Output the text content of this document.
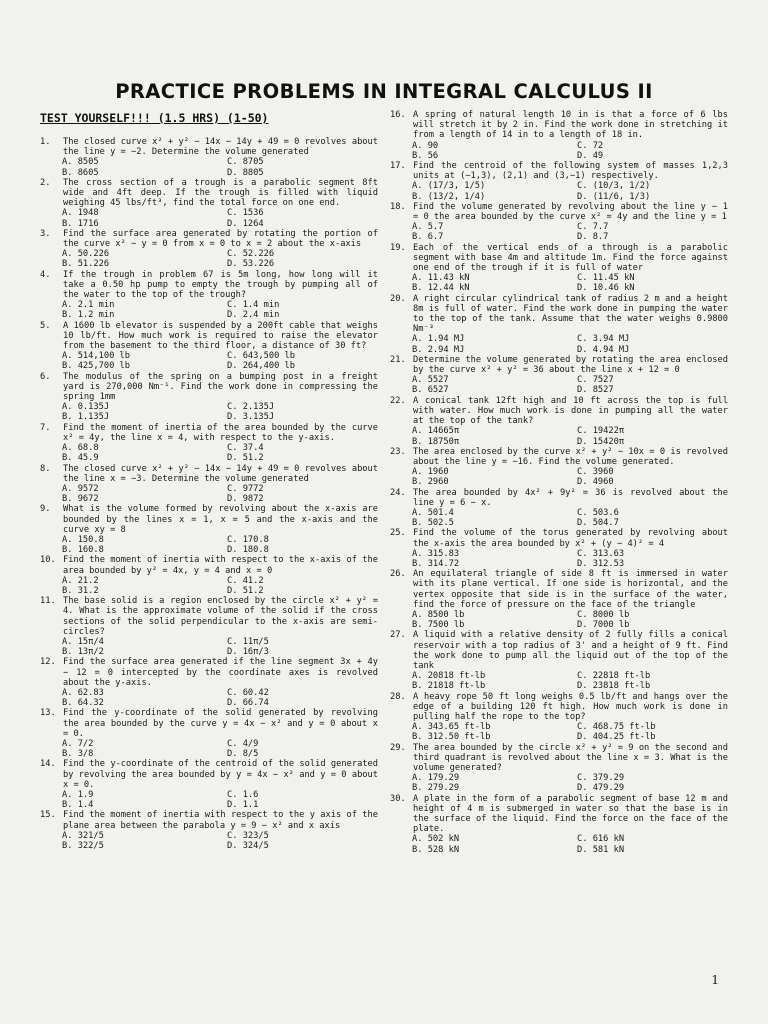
PRACTICE PROBLEMS IN INTEGRAL CALCULUS II
TEST YOURSELF!!! (1.5 HRS) (1-50)
1.	The closed curve x² + y² − 14x − 14y + 49 = 0 revolves about the line y = −2. Determine the volume generated
A. 8505	C. 8705
B. 8605	D. 8805
2.	The cross section of a trough is a parabolic segment 8ft wide and 4ft deep. If the trough is filled with liquid weighing 45 lbs/ft³, find the total force on one end.
A. 1948	C. 1536
B. 1716	D. 1264
3.	Find the surface area generated by rotating the portion of the curve x² − y = 0 from x = 0 to x = 2 about the x-axis
A. 50.226	C. 52.226
B. 51.226	D. 53.226
4.	If the trough in problem 67 is 5m long, how long will it take a 0.50 hp pump to empty the trough by pumping all of the water to the top of the trough?
A. 2.1 min	C. 1.4 min
B. 1.2 min	D. 2.4 min
5.	A 1600 lb elevator is suspended by a 200ft cable that weighs 10 lb/ft. How much work is required to raise the elevator from the basement to the third floor, a distance of 30 ft?
A. 514,100 lb	C. 643,500 lb
B. 425,700 lb	D. 264,400 lb
6.	The modulus of the spring on a bumping post in a freight yard is 270,000 Nm⁻¹. Find the work done in compressing the spring 1mm
A. 0.135J	C. 2.135J
B. 1.135J	D. 3.135J
7.	Find the moment of inertia of the area bounded by the curve x² = 4y, the line x = 4, with respect to the y-axis.
A. 68.8	C. 37.4
B. 45.9	D. 51.2
8.	The closed curve x² + y² − 14x − 14y + 49 = 0 revolves about the line x = −3. Determine the volume generated
A. 9572	C. 9772
B. 9672	D. 9872
9.	What is the volume formed by revolving about the x-axis are bounded by the lines x = 1, x = 5 and the x-axis and the curve xy = 8
A. 150.8	C. 170.8
B. 160.8	D. 180.8
10. Find the moment of inertia with respect to the x-axis of the area bounded by y² = 4x, y = 4 and x = 0
A. 21.2	C. 41.2
B. 31.2	D. 51.2
11. The base solid is a region enclosed by the circle x² + y² = 4. What is the approximate volume of the solid if the cross sections of the solid perpendicular to the x-axis are semi-circles?
A. 15π/4	C. 11π/5
B. 13π/2	D. 16π/3
12. Find the surface area generated if the line segment 3x + 4y − 12 = 0 intercepted by the coordinate axes is revolved about the y-axis.
A. 62.83	C. 60.42
B. 64.32	D. 66.74
13. Find the y-coordinate of the solid generated by revolving the area bounded by the curve y = 4x − x² and y = 0 about x = 0.
A. 7/2	C. 4/9
B. 3/8	D. 8/5
14. Find the y-coordinate of the centroid of the solid generated by revolving the area bounded by y = 4x − x² and y = 0 about x = 0.
A. 1.9	C. 1.6
B. 1.4	D. 1.1
15. Find the moment of inertia with respect to the y axis of the plane area between the parabola y = 9 − x² and x axis
A. 321/5	C. 323/5
B. 322/5	D. 324/5
16. A spring of natural length 10 in is that a force of 6 lbs will stretch it by 2 in. Find the work done in stretching it from a length of 14 in to a length of 18 in.
A. 90	C. 72
B. 56	D. 49
17. Find the centroid of the following system of masses 1,2,3 units at (−1,3), (2,1) and (3,−1) respectively.
A. (17/3, 1/5)	C. (10/3, 1/2)
B. (13/2, 1/4)	D. (11/6, 1/3)
18. Find the volume generated by revolving about the line y − 1 = 0 the area bounded by the curve x² = 4y and the line y = 1
A. 5.7	C. 7.7
B. 6.7	D. 8.7
19. Each of the vertical ends of a through is a parabolic segment with base 4m and altitude 1m. Find the force against one end of the trough if it is full of water
A. 11.43 kN	C. 11.45 kN
B. 12.44 kN	D. 10.46 kN
20. A right circular cylindrical tank of radius 2 m and a height 8m is full of water. Find the work done in pumping the water to the top of the tank. Assume that the water weighs 0.9800 Nm⁻³
A. 1.94 MJ	C. 3.94 MJ
B. 2.94 MJ	D. 4.94 MJ
21. Determine the volume generated by rotating the area enclosed by the curve x² + y² = 36 about the line x + 12 = 0
A. 5527	C. 7527
B. 6527	D. 8527
22. A conical tank 12ft high and 10 ft across the top is full with water. How much work is done in pumping all the water at the top of the tank?
A. 14665π	C. 19422π
B. 18750π	D. 15420π
23. The area enclosed by the curve x² + y² − 10x = 0 is revolved about the line y = −16. Find the volume generated.
A. 1960	C. 3960
B. 2960	D. 4960
24. The area bounded by 4x² + 9y² = 36 is revolved about the line y = 6 − x.
A. 501.4	C. 503.6
B. 502.5	D. 504.7
25. Find the volume of the torus generated by revolving about the x-axis the area bounded by x² + (y − 4)² = 4
A. 315.83	C. 313.63
B. 314.72	D. 312.53
26. An equilateral triangle of side 8 ft is immersed in water with its plane vertical. If one side is horizontal, and the vertex opposite that side is in the surface of the water, find the force of pressure on the face of the triangle
A. 8500 lb	C. 8000 lb
B. 7500 lb	D. 7000 lb
27. A liquid with a relative density of 2 fully fills a conical reservoir with a top radius of 3' and a height of 9 ft. Find the work done to pump all the liquid out of the top of the tank
A. 20818 ft-lb	C. 22818 ft-lb
B. 21818 ft-lb	D. 23818 ft-lb
28. A heavy rope 50 ft long weighs 0.5 lb/ft and hangs over the edge of a building 120 ft high. How much work is done in pulling half the rope to the top?
A. 343.65 ft-lb	C. 468.75 ft-lb
B. 312.50 ft-lb	D. 404.25 ft-lb
29. The area bounded by the circle x² + y² = 9 on the second and third quadrant is revolved about the line x = 3. What is the volume generated?
A. 179.29	C. 379.29
B. 279.29	D. 479.29
30. A plate in the form of a parabolic segment of base 12 m and height of 4 m is submerged in water so that the base is in the surface of the liquid. Find the force on the face of the plate.
A. 502 kN	C. 616 kN
B. 528 kN	D. 581 kN
1
